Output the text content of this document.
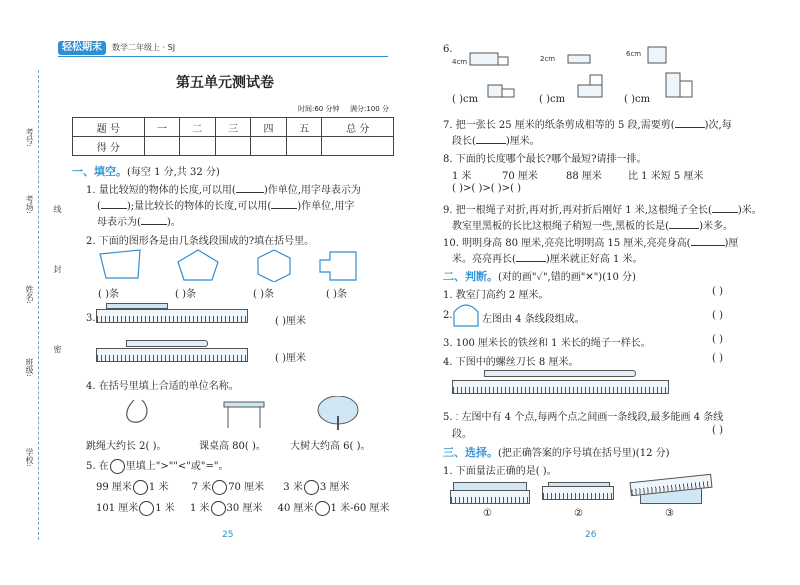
考号:
考场:
姓名:
班级:
学校:
线
封
密
轻松期末	数学二年级上 · SJ
第五单元测试卷
时间:60 分钟 满分:100 分
题 号	一	二	三	四	五	总 分
得 分						
一、填空。(每空 1 分,共 32 分)
1. 量比较短的物体的长度,可以用(	)作单位,用字母表示为
(	);量比较长的物体的长度,可以用(	)作单位,用字
母表示为(	)。
2. 下面的图形各是由几条线段围成的?填在括号里。
( )条	( )条	( )条	( )条
3.	( )厘米
( )厘米
4. 在括号里填上合适的单位名称。
跳绳大约长 2( )。	课桌高 80( )。 大树大约高 6( )。
5. 在 里填上">""<"或"="。
99 厘米 1 米 7 米 70 厘米 3 米 3 厘米
101 厘米 1 米 1 米 30 厘米 40 厘米 1 米-60 厘米
25
6.
4cm	2cm
6cm
( )cm	( )cm	( )cm
7. 把一张长 25 厘米的纸条剪成相等的 5 段,需要剪(	)次,每
段长(	)厘米。
8. 下面的长度哪个最长?哪个最短?请排一排。
1 米	70 厘米	88 厘米	比 1 米短 5 厘米
( )>( )>( )>( )
9. 把一根绳子对折,再对折,再对折后刚好 1 米,这根绳子全长(	)米。
教室里黑板的长比这根绳子稍短一些,黑板的长是(	)米多。
10. 明明身高 80 厘米,亮亮比明明高 15 厘米,亮亮身高(	)厘
米。亮亮再长(	)厘米就正好高 1 米。
二、判断。(对的画"✓",错的画"✕")(10 分)
1. 教室门高约 2 厘米。	( )
2.	左图由 4 条线段组成。	( )
3. 100 厘米长的铁丝和 1 米长的绳子一样长。	( )
4. 下图中的螺丝刀长 8 厘米。	( )
5. ⁚ 左图中有 4 个点,每两个点之间画一条线段,最多能画 4 条线
段。	( )
三、选择。(把正确答案的序号填在括号里)(12 分)
1. 下面量法正确的是( )。
①	②	③
26
